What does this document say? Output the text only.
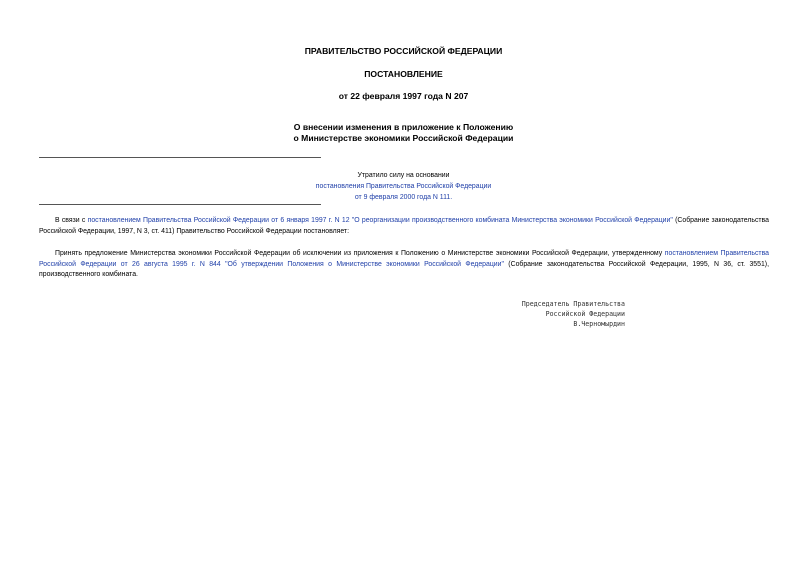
ПРАВИТЕЛЬСТВО РОССИЙСКОЙ ФЕДЕРАЦИИ
ПОСТАНОВЛЕНИЕ
от 22 февраля 1997 года N 207
О внесении изменения в приложение к Положению
о Министерстве экономики Российской Федерации
Утратило силу на основании
постановления Правительства Российской Федерации
от 9 февраля 2000 года N 111.
В связи с постановлением Правительства Российской Федерации от 6 января 1997 г. N 12 "О реорганизации производственного комбината Министерства экономики Российской Федерации" (Собрание законодательства Российской Федерации, 1997, N 3, ст. 411) Правительство Российской Федерации постановляет:
Принять предложение Министерства экономики Российской Федерации об исключении из приложения к Положению о Министерстве экономики Российской Федерации, утвержденному постановлением Правительства Российской Федерации от 26 августа 1995 г. N 844 "Об утверждении Положения о Министерстве экономики Российской Федерации" (Собрание законодательства Российской Федерации, 1995, N 36, ст. 3551), производственного комбината.
Председатель Правительства
Российской Федерации
В.Черномырдин
